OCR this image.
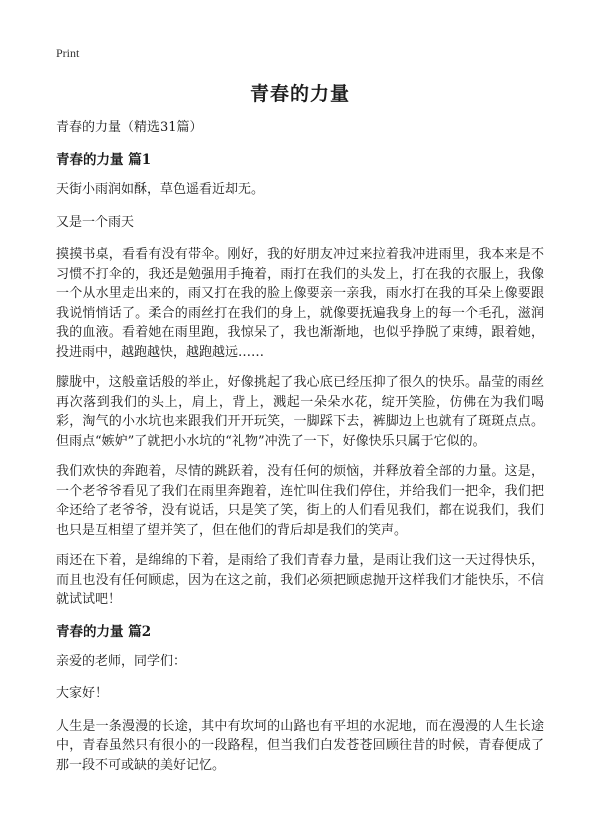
Print
青春的力量

青春的力量（精选31篇）

青春的力量 篇1

天街小雨润如酥，草色遥看近却无。

又是一个雨天

摸摸书桌，看看有没有带伞。刚好，我的好朋友冲过来拉着我冲进雨里，我本来是不习惯不打伞的，我还是勉强用手掩着，雨打在我们的头发上，打在我的衣服上，我像一个从水里走出来的，雨又打在我的脸上像要亲一亲我，雨水打在我的耳朵上像要跟我说悄悄话了。柔合的雨丝打在我们的身上，就像要抚遍我身上的每一个毛孔，滋润我的血液。看着她在雨里跑，我惊呆了，我也渐渐地，也似乎挣脱了束缚，跟着她，投进雨中，越跑越快，越跑越远……

朦胧中，这般童话般的举止，好像挑起了我心底已经压抑了很久的快乐。晶莹的雨丝再次落到我们的头上，肩上，背上，溅起一朵朵水花，绽开笑脸，仿佛在为我们喝彩，淘气的小水坑也来跟我们开开玩笑，一脚踩下去，裤脚边上也就有了斑斑点点。但雨点“嫉妒”了就把小水坑的“礼物”冲洗了一下，好像快乐只属于它似的。

我们欢快的奔跑着，尽情的跳跃着，没有任何的烦恼，并释放着全部的力量。这是，一个老爷爷看见了我们在雨里奔跑着，连忙叫住我们停住，并给我们一把伞，我们把伞还给了老爷爷，没有说话，只是笑了笑，街上的人们看见我们，都在说我们，我们也只是互相望了望并笑了，但在他们的背后却是我们的笑声。

雨还在下着，是绵绵的下着，是雨给了我们青春力量，是雨让我们这一天过得快乐，而且也没有任何顾虑，因为在这之前，我们必须把顾虑抛开这样我们才能快乐，不信就试试吧！

青春的力量 篇2

亲爱的老师，同学们：

大家好！

人生是一条漫漫的长途，其中有坎坷的山路也有平坦的水泥地，而在漫漫的人生长途中，青春虽然只有很小的一段路程，但当我们白发苍苍回顾往昔的时候，青春便成了那一段不可或缺的美好记忆。
